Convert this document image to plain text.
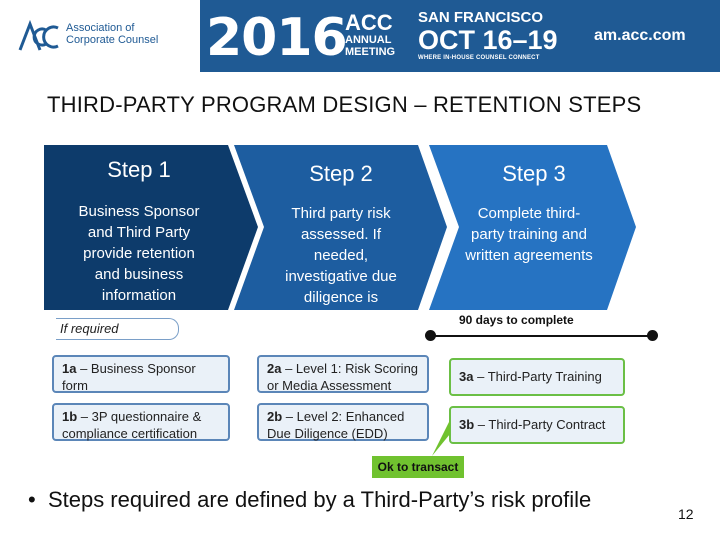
Association of
Corporate Counsel 2016
ACC
ANNUAL
MEETING
SAN FRANCISCO
OCT 16–19
WHERE IN-HOUSE COUNSEL CONNECT
am.acc.com
THIRD-PARTY PROGRAM DESIGN – RETENTION STEPS
Step 1
Business Sponsor
and Third Party
provide retention
and business
information
Step 2
Third party risk
assessed. If
needed,
investigative due
diligence is
Step 3
Complete third-
party training and
written agreements
If required
90 days to complete
1a – Business Sponsor form
1b – 3P questionnaire & compliance certification
2a – Level 1: Risk Scoring or Media Assessment
2b – Level 2: Enhanced Due Diligence (EDD)
3a – Third-Party Training
3b – Third-Party Contract
Ok to transact
•  Steps required are defined by a Third-Party’s risk profile
12
